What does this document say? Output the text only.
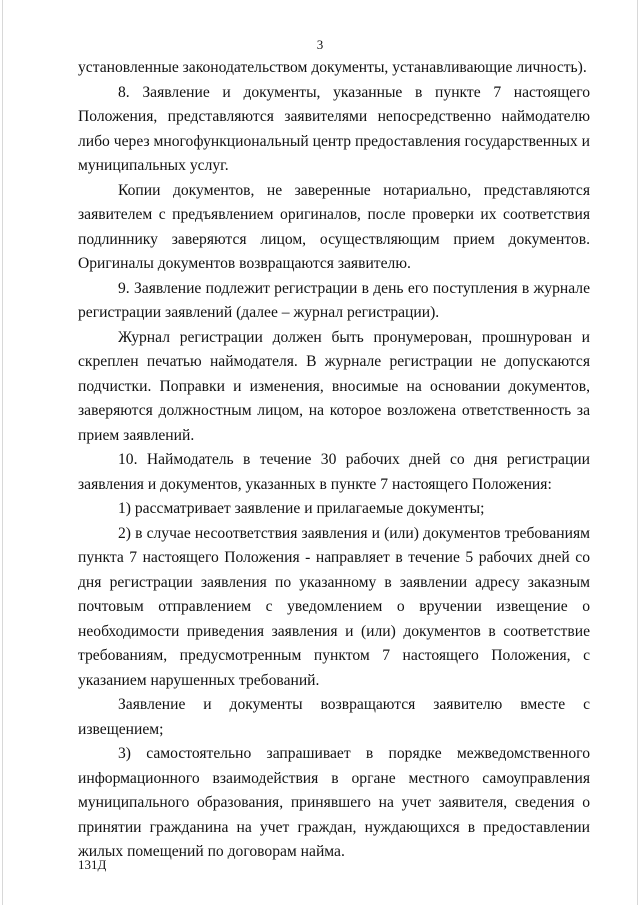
3

установленные законодательством документы, устанавливающие личность).

8. Заявление и документы, указанные в пункте 7 настоящего Положения, представляются заявителями непосредственно наймодателю либо через многофункциональный центр предоставления государственных и муниципальных услуг.

Копии документов, не заверенные нотариально, представляются заявителем с предъявлением оригиналов, после проверки их соответствия подлиннику заверяются лицом, осуществляющим прием документов. Оригиналы документов возвращаются заявителю.

9. Заявление подлежит регистрации в день его поступления в журнале регистрации заявлений (далее – журнал регистрации).

Журнал регистрации должен быть пронумерован, прошнурован и скреплен печатью наймодателя. В журнале регистрации не допускаются подчистки. Поправки и изменения, вносимые на основании документов, заверяются должностным лицом, на которое возложена ответственность за прием заявлений.

10. Наймодатель в течение 30 рабочих дней со дня регистрации заявления и документов, указанных в пункте 7 настоящего Положения:

1) рассматривает заявление и прилагаемые документы;

2) в случае несоответствия заявления и (или) документов требованиям пункта 7 настоящего Положения - направляет в течение 5 рабочих дней со дня регистрации заявления по указанному в заявлении адресу заказным почтовым отправлением с уведомлением о вручении извещение о необходимости приведения заявления и (или) документов в соответствие требованиям, предусмотренным пунктом 7 настоящего Положения, с указанием нарушенных требований.

Заявление и документы возвращаются заявителю вместе с извещением;

3) самостоятельно запрашивает в порядке межведомственного информационного взаимодействия в органе местного самоуправления муниципального образования, принявшего на учет заявителя, сведения о принятии гражданина на учет граждан, нуждающихся в предоставлении жилых помещений по договорам найма.

131Д
